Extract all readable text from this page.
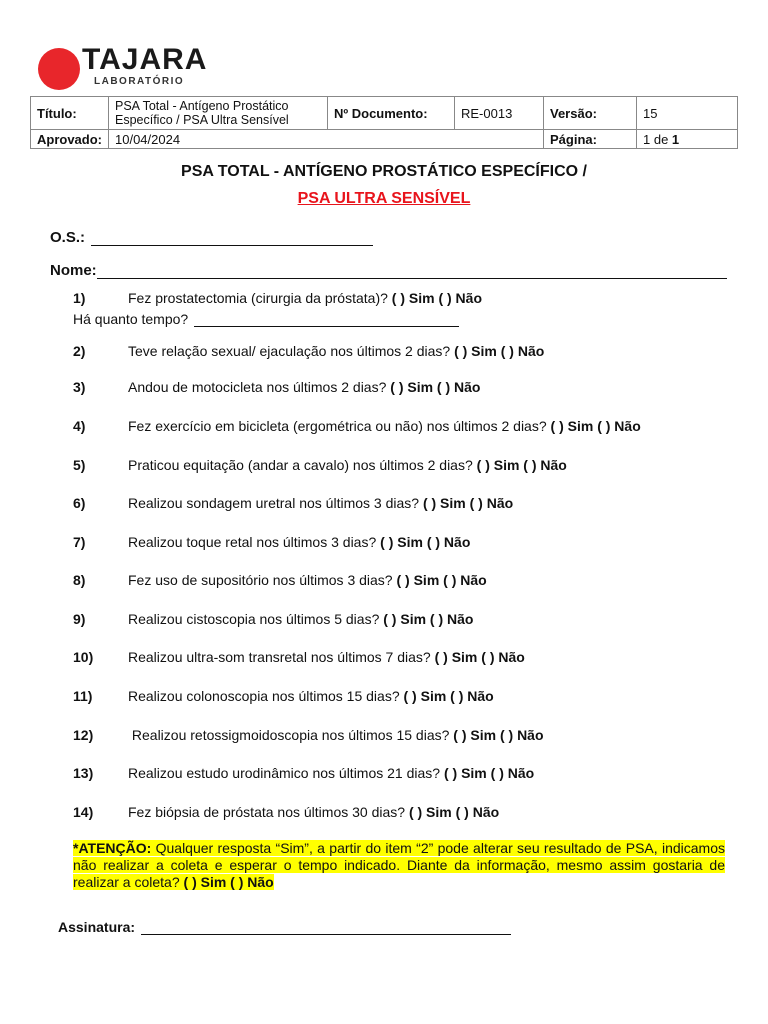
TAJARA
LABORATÓRIO
Título:	PSA Total - Antígeno Prostático
Específico / PSA Ultra Sensível	Nº Documento:	RE-0013	Versão:	15
Aprovado:	10/04/2024			Página:	1 de 1
PSA TOTAL - ANTÍGENO PROSTÁTICO ESPECÍFICO /
PSA ULTRA SENSÍVEL
O.S.:
Nome:
1)	Fez prostatectomia (cirurgia da próstata)? ( ) Sim ( ) Não
Há quanto tempo?
2)	Teve relação sexual/ ejaculação nos últimos 2 dias? ( ) Sim ( ) Não
3)	Andou de motocicleta nos últimos 2 dias? ( ) Sim ( ) Não
4)	Fez exercício em bicicleta (ergométrica ou não) nos últimos 2 dias? ( ) Sim ( ) Não
5)	Praticou equitação (andar a cavalo) nos últimos 2 dias? ( ) Sim ( ) Não
6)	Realizou sondagem uretral nos últimos 3 dias? ( ) Sim ( ) Não
7)	Realizou toque retal nos últimos 3 dias? ( ) Sim ( ) Não
8)	Fez uso de supositório nos últimos 3 dias? ( ) Sim ( ) Não
9)	Realizou cistoscopia nos últimos 5 dias? ( ) Sim ( ) Não
10) Realizou ultra-som transretal nos últimos 7 dias? ( ) Sim ( ) Não
11)	Realizou colonoscopia nos últimos 15 dias? ( ) Sim ( ) Não
12) Realizou retossigmoidoscopia nos últimos 15 dias? ( ) Sim ( ) Não
13) Realizou estudo urodinâmico nos últimos 21 dias? ( ) Sim ( ) Não
14) Fez biópsia de próstata nos últimos 30 dias? ( ) Sim ( ) Não
*ATENÇÃO: Qualquer resposta “Sim”, a partir do item “2” pode alterar seu resultado de PSA, indicamos não realizar a coleta e esperar o tempo indicado. Diante da informação, mesmo assim gostaria de realizar a coleta? ( ) Sim ( ) Não
Assinatura:
